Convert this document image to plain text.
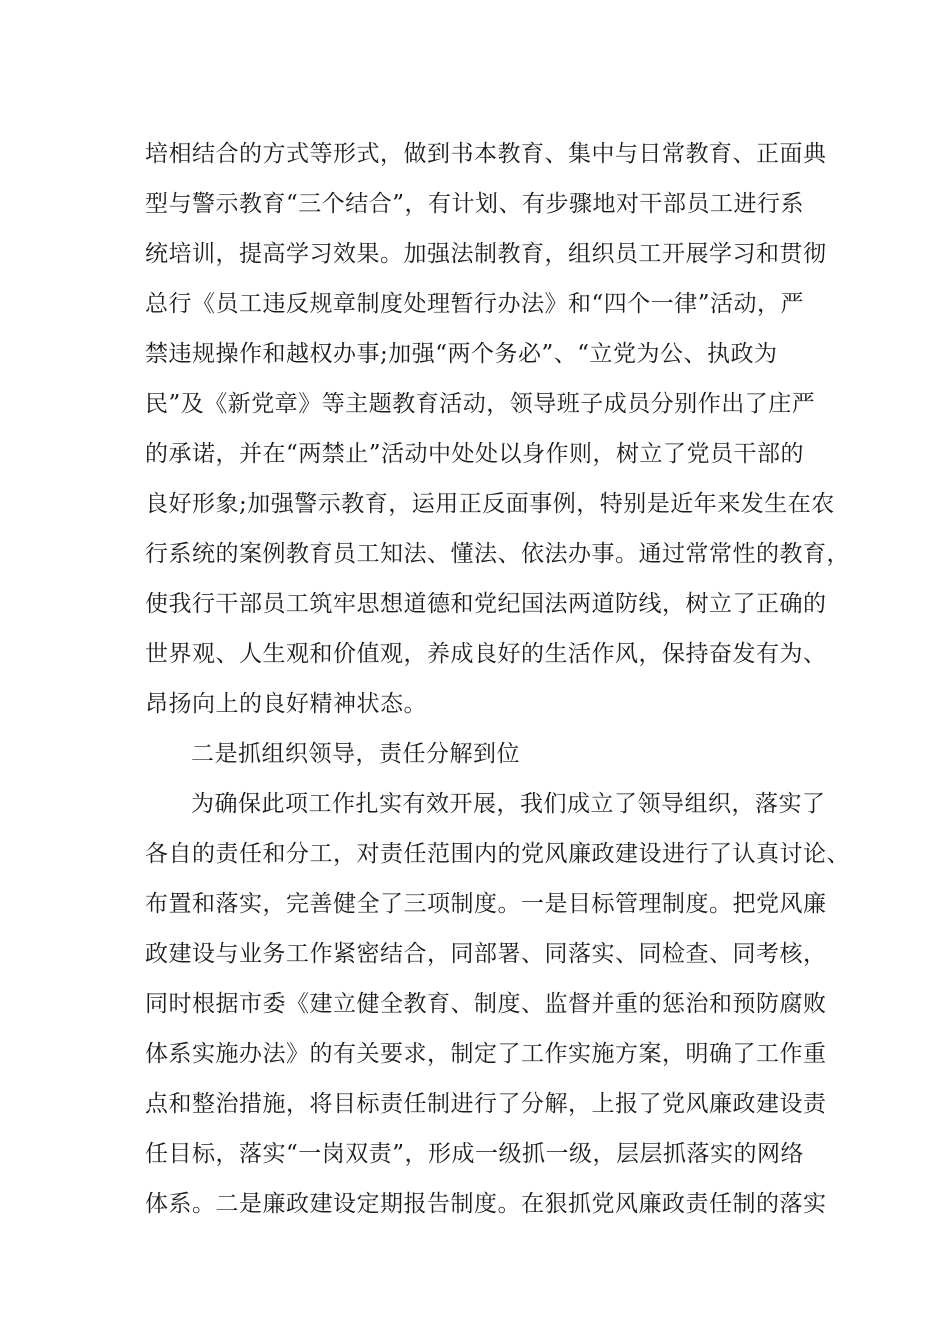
培相结合的方式等形式，做到书本教育、集中与日常教育、正面典
型与警示教育“三个结合”，有计划、有步骤地对干部员工进行系
统培训，提高学习效果。加强法制教育，组织员工开展学习和贯彻
总行《员工违反规章制度处理暂行办法》和“四个一律”活动，严
禁违规操作和越权办事;加强“两个务必”、“立党为公、执政为
民”及《新党章》等主题教育活动，领导班子成员分别作出了庄严
的承诺，并在“两禁止”活动中处处以身作则，树立了党员干部的
良好形象;加强警示教育，运用正反面事例，特别是近年来发生在农
行系统的案例教育员工知法、懂法、依法办事。通过常常性的教育，
使我行干部员工筑牢思想道德和党纪国法两道防线，树立了正确的
世界观、人生观和价值观，养成良好的生活作风，保持奋发有为、
昂扬向上的良好精神状态。
二是抓组织领导，责任分解到位
为确保此项工作扎实有效开展，我们成立了领导组织，落实了
各自的责任和分工，对责任范围内的党风廉政建设进行了认真讨论、
布置和落实，完善健全了三项制度。一是目标管理制度。把党风廉
政建设与业务工作紧密结合，同部署、同落实、同检查、同考核，
同时根据市委《建立健全教育、制度、监督并重的惩治和预防腐败
体系实施办法》的有关要求，制定了工作实施方案，明确了工作重
点和整治措施，将目标责任制进行了分解，上报了党风廉政建设责
任目标，落实“一岗双责”，形成一级抓一级，层层抓落实的网络
体系。二是廉政建设定期报告制度。在狠抓党风廉政责任制的落实
